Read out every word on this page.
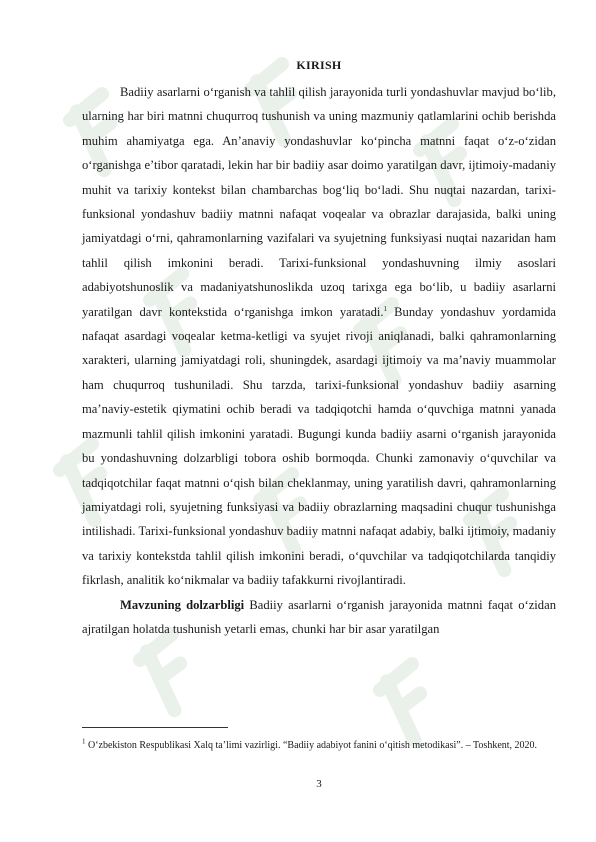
KIRISH

Badiiy asarlarni o‘rganish va tahlil qilish jarayonida turli yondashuvlar mavjud bo‘lib, ularning har biri matnni chuqurroq tushunish va uning mazmuniy qatlamlarini ochib berishda muhim ahamiyatga ega. An’anaviy yondashuvlar ko‘pincha matnni faqat o‘z-o‘zidan o‘rganishga e’tibor qaratadi, lekin har bir badiiy asar doimo yaratilgan davr, ijtimoiy-madaniy muhit va tarixiy kontekst bilan chambarchas bog‘liq bo‘ladi. Shu nuqtai nazardan, tarixi-funksional yondashuv badiiy matnni nafaqat voqealar va obrazlar darajasida, balki uning jamiyatdagi o‘rni, qahramonlarning vazifalari va syujetning funksiyasi nuqtai nazaridan ham tahlil qilish imkonini beradi. Tarixi-funksional yondashuvning ilmiy asoslari adabiyotshunoslik va madaniyatshunoslikda uzoq tarixga ega bo‘lib, u badiiy asarlarni yaratilgan davr kontekstida o‘rganishga imkon yaratadi.$^1$ Bunday yondashuv yordamida nafaqat asardagi voqealar ketma-ketligi va syujet rivoji aniqlanadi, balki qahramonlarning xarakteri, ularning jamiyatdagi roli, shuningdek, asardagi ijtimoiy va ma’naviy muammolar ham chuqurroq tushuniladi. Shu tarzda, tarixi-funksional yondashuv badiiy asarning ma’naviy-estetik qiymatini ochib beradi va tadqiqotchi hamda o‘quvchiga matnni yanada mazmunli tahlil qilish imkonini yaratadi. Bugungi kunda badiiy asarni o‘rganish jarayonida bu yondashuvning dolzarbligi tobora oshib bormoqda. Chunki zamonaviy o‘quvchilar va tadqiqotchilar faqat matnni o‘qish bilan cheklanmay, uning yaratilish davri, qahramonlarning jamiyatdagi roli, syujetning funksiyasi va badiiy obrazlarning maqsadini chuqur tushunishga intilishadi. Tarixi-funksional yondashuv badiiy matnni nafaqat adabiy, balki ijtimoiy, madaniy va tarixiy kontekstda tahlil qilish imkonini beradi, o‘quvchilar va tadqiqotchilarda tanqidiy fikrlash, analitik ko‘nikmalar va badiiy tafakkurni rivojlantiradi.

Mavzuning dolzarbligi Badiiy asarlarni o‘rganish jarayonida matnni faqat o‘zidan ajratilgan holatda tushunish yetarli emas, chunki har bir asar yaratilgan

$^1$ O‘zbekiston Respublikasi Xalq ta’limi vazirligi. “Badiiy adabiyot fanini o‘qitish metodikasi”. – Toshkent, 2020.
3
